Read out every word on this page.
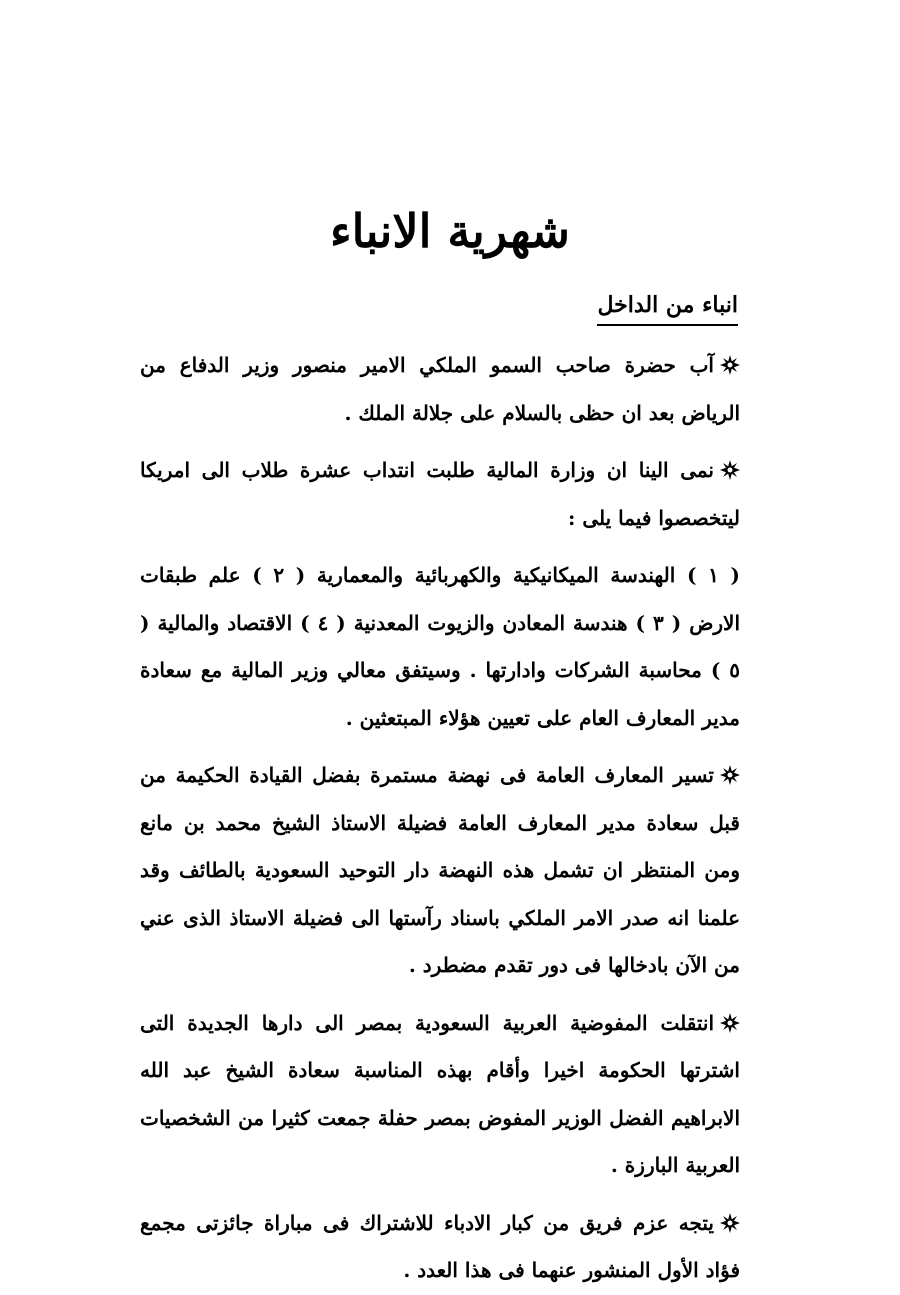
شهرية الانباء
انباء من الداخل

آب حضرة صاحب السمو الملكي الامير منصور وزير الدفاع من الرياض بعد ان حظى بالسلام على جلالة الملك .

نمى الينا ان وزارة المالية طلبت انتداب عشرة طلاب الى امريكا ليتخصصوا فيما يلى :

( ١ ) الهندسة الميكانيكية والكهربائية والمعمارية ( ٢ ) علم طبقات الارض ( ٣ ) هندسة المعادن والزيوت المعدنية ( ٤ ) الاقتصاد والمالية ( ٥ ) محاسبة الشركات وادارتها . وسيتفق معالي وزير المالية مع سعادة مدير المعارف العام على تعيين هؤلاء المبتعثين .

تسير المعارف العامة فى نهضة مستمرة بفضل القيادة الحكيمة من قبل سعادة مدير المعارف العامة فضيلة الاستاذ الشيخ محمد بن مانع ومن المنتظر ان تشمل هذه النهضة دار التوحيد السعودية بالطائف وقد علمنا انه صدر الامر الملكي باسناد رآستها الى فضيلة الاستاذ الذى عني من الآن بادخالها فى دور تقدم مضطرد .

انتقلت المفوضية العربية السعودية بمصر الى دارها الجديدة التى اشترتها الحكومة اخيرا وأقام بهذه المناسبة سعادة الشيخ عبد الله الابراهيم الفضل الوزير المفوض بمصر حفلة جمعت كثيرا من الشخصيات العربية البارزة .

يتجه عزم فريق من كبار الادباء للاشتراك فى مباراة جائزتى مجمع فؤاد الأول المنشور عنهما فى هذا العدد .
